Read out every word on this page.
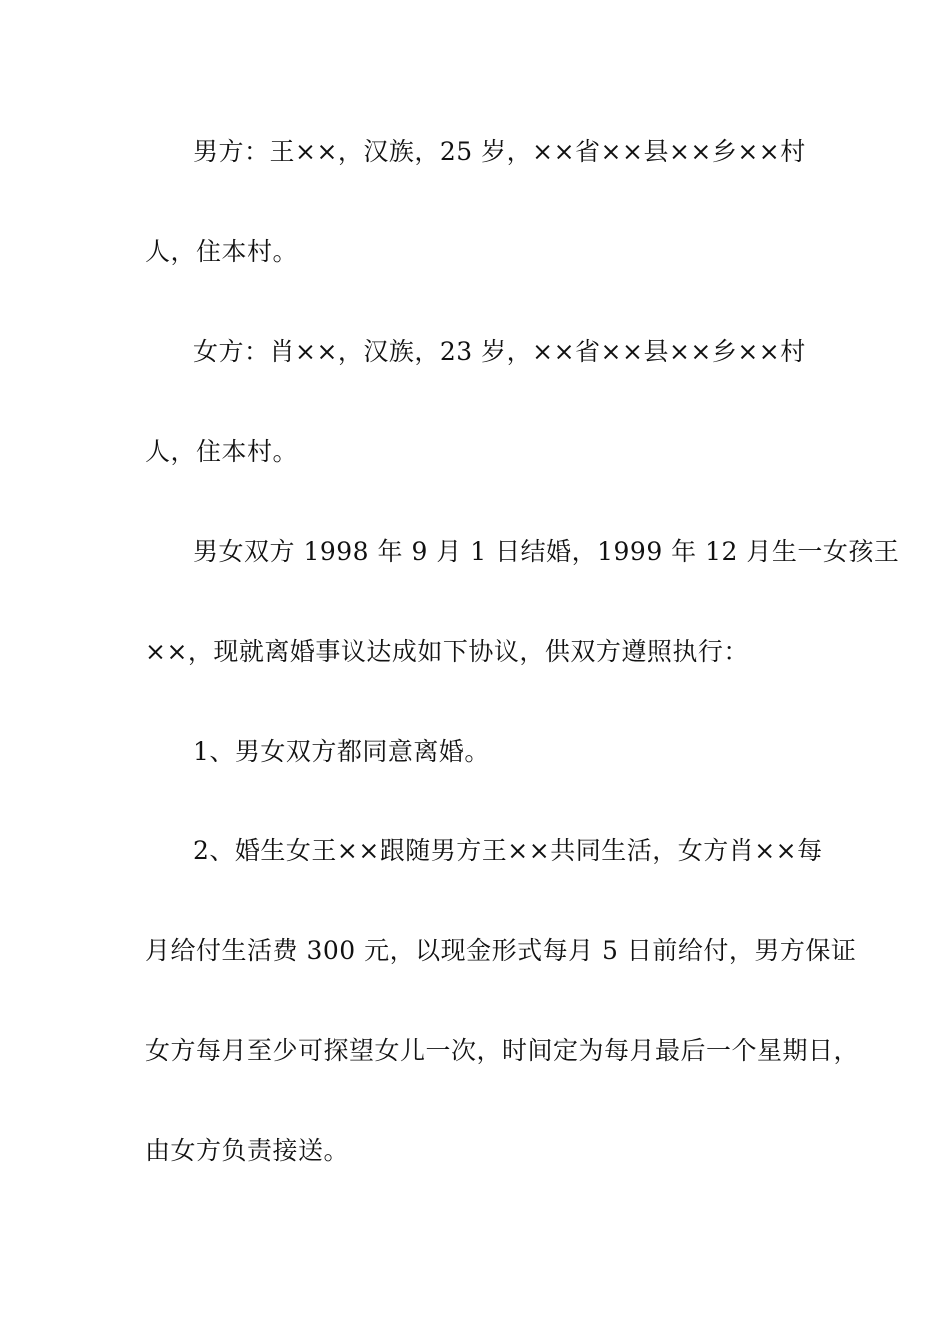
男方：王××，汉族，25 岁，××省××县××乡××村
人，住本村。
女方：肖××，汉族，23 岁，××省××县××乡××村
人，住本村。
男女双方 1998 年 9 月 1 日结婚，1999 年 12 月生一女孩王
××，现就离婚事议达成如下协议，供双方遵照执行：
1、男女双方都同意离婚。
2、婚生女王××跟随男方王××共同生活，女方肖××每
月给付生活费 300 元，以现金形式每月 5 日前给付，男方保证
女方每月至少可探望女儿一次，时间定为每月最后一个星期日，
由女方负责接送。
